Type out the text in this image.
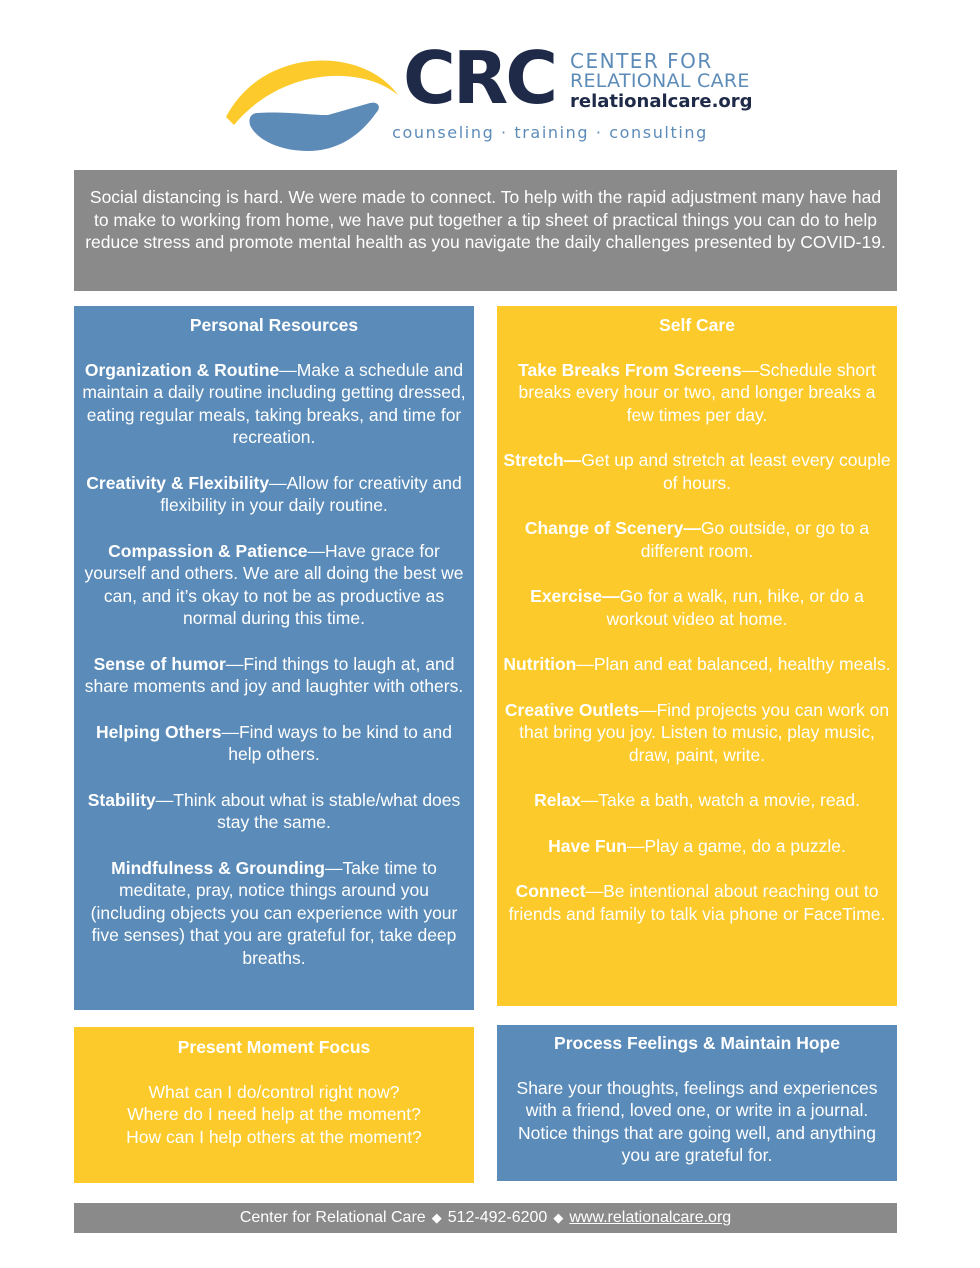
CRC CENTER FOR
RELATIONAL CARE
relationalcare.org
counseling · training · consulting
Social distancing is hard. We were made to connect. To help with the rapid adjustment many have had to make to working from home, we have put together a tip sheet of practical things you can do to help reduce stress and promote mental health as you navigate the daily challenges presented by COVID-19.
Personal Resources

Organization & Routine—Make a schedule and maintain a daily routine including getting dressed, eating regular meals, taking breaks, and time for recreation.

Creativity & Flexibility—Allow for creativity and flexibility in your daily routine.

Compassion & Patience—Have grace for yourself and others. We are all doing the best we can, and it’s okay to not be as productive as normal during this time.

Sense of humor—Find things to laugh at, and share moments and joy and laughter with others.

Helping Others—Find ways to be kind to and help others.

Stability—Think about what is stable/what does stay the same.

Mindfulness & Grounding—Take time to meditate, pray, notice things around you (including objects you can experience with your five senses) that you are grateful for, take deep breaths.

Self Care

Take Breaks From Screens—Schedule short breaks every hour or two, and longer breaks a few times per day.

Stretch—Get up and stretch at least every couple of hours.

Change of Scenery—Go outside, or go to a different room.

Exercise—Go for a walk, run, hike, or do a workout video at home.

Nutrition—Plan and eat balanced, healthy meals.

Creative Outlets—Find projects you can work on that bring you joy. Listen to music, play music, draw, paint, write.

Relax—Take a bath, watch a movie, read.

Have Fun—Play a game, do a puzzle.

Connect—Be intentional about reaching out to friends and family to talk via phone or FaceTime.

Present Moment Focus

What can I do/control right now?

Where do I need help at the moment?

How can I help others at the moment?

Process Feelings & Maintain Hope

Share your thoughts, feelings and experiences with a friend, loved one, or write in a journal. Notice things that are going well, and anything you are grateful for.

Center for Relational Care ◆ 512-492-6200 ◆ www.relationalcare.org
